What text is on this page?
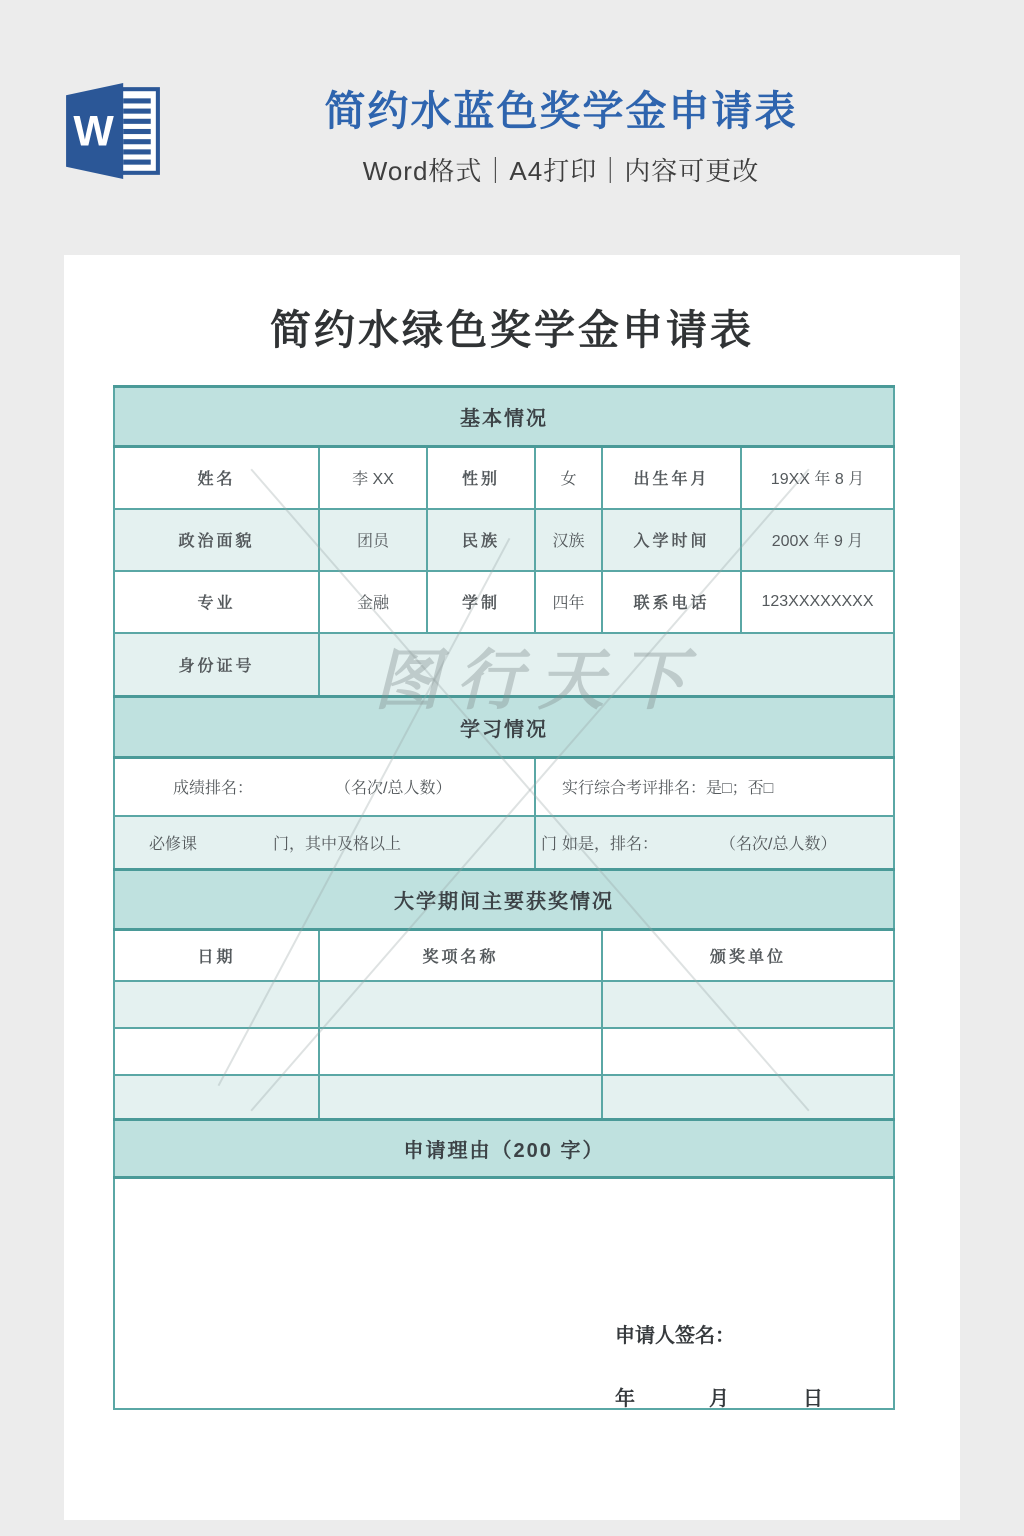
W	简约水蓝色奖学金申请表
Word格式｜A4打印｜内容可更改
图行天下
简约水绿色奖学金申请表
基本情况					
姓名	李 XX	性别	女	出生年月	19XX 年 8 月
政治面貌	团员	民族	汉族	入学时间	200X 年 9 月
专业	金融	学制	四年	联系电话	123XXXXXXXX
身份证号					
学习情况					

成绩排名： （名次/总人数）			实行综合考评排名：是□；否□		

必修课 门，其中及格以上 门			如是，排名： （名次/总人数）		

大学期间主要获奖情况					
日期	奖项名称			颁奖单位	

申请理由（200 字）					

申请人签名：
年 月 日					
